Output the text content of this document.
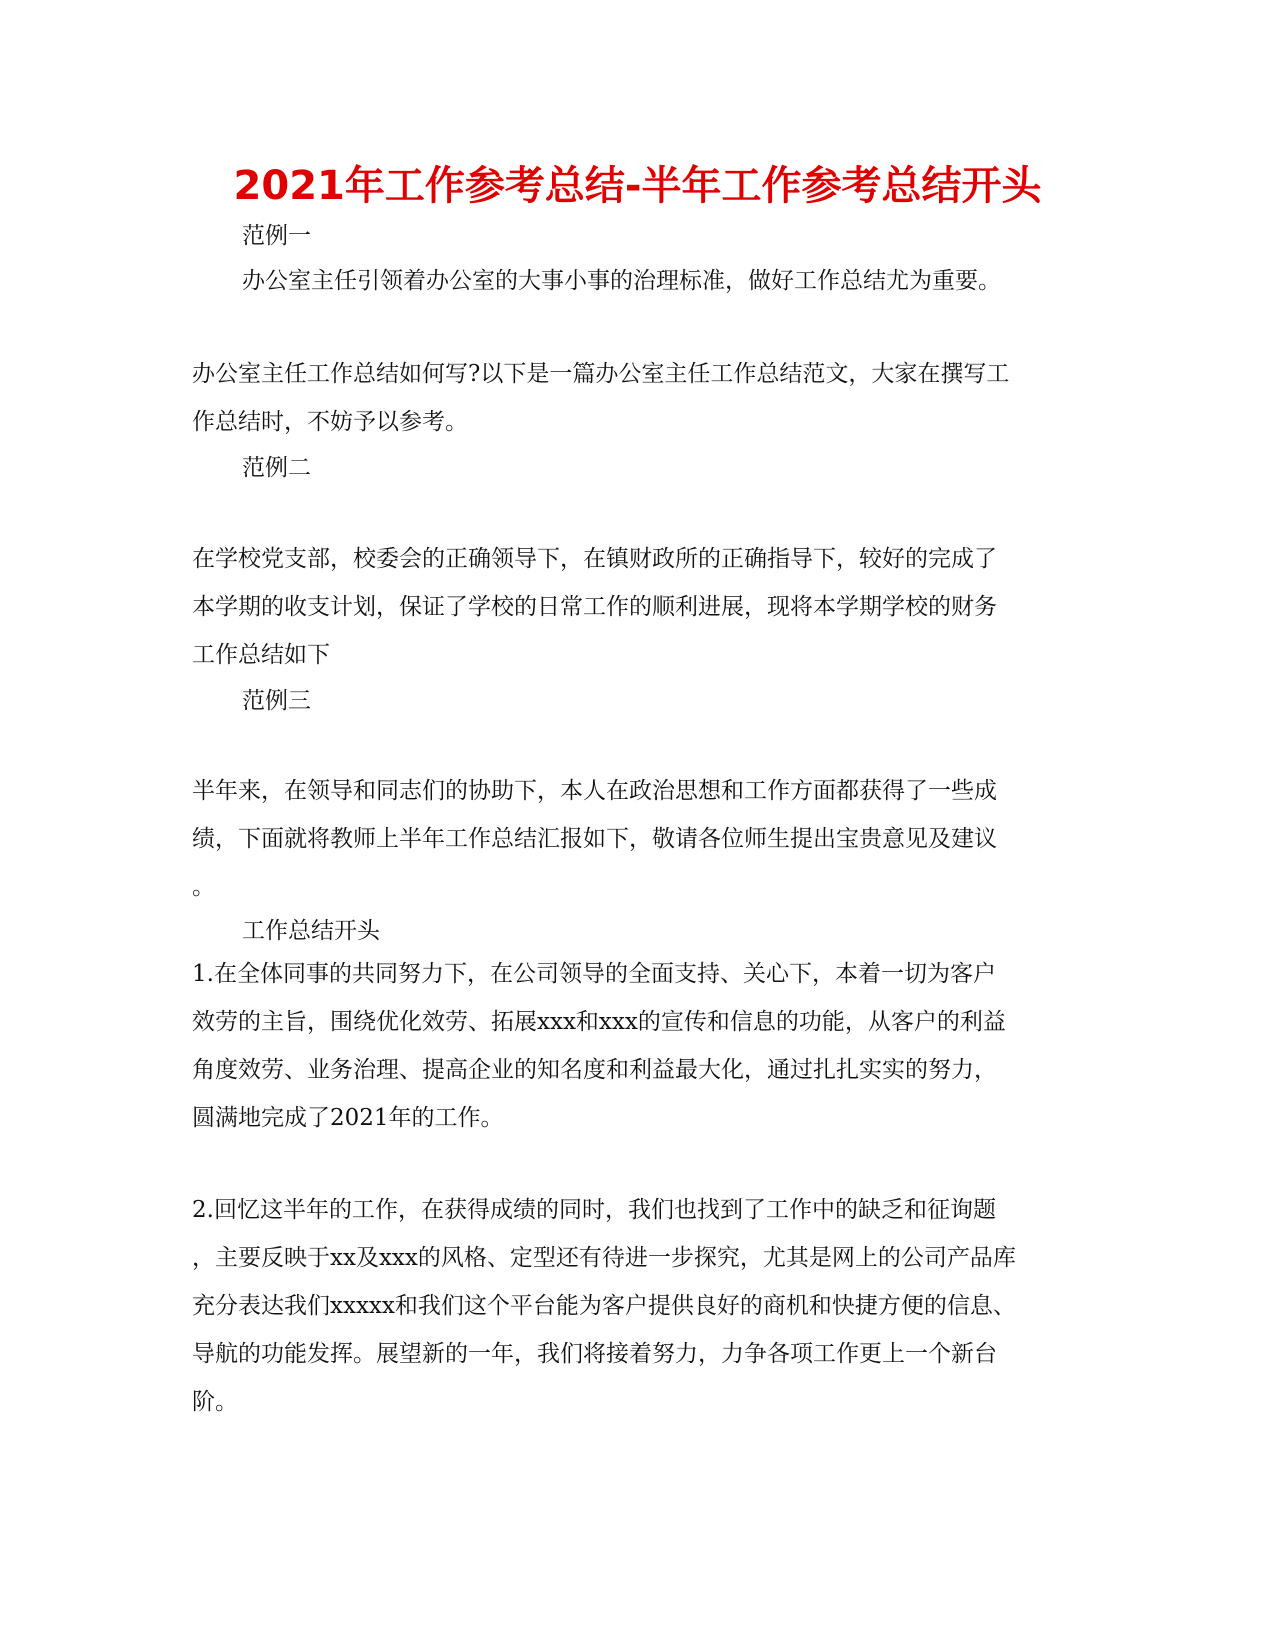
2021年工作参考总结-半年工作参考总结开头
范例一
办公室主任引领着办公室的大事小事的治理标准，做好工作总结尤为重要。
办公室主任工作总结如何写?以下是一篇办公室主任工作总结范文，大家在撰写工
作总结时，不妨予以参考。
范例二
在学校党支部，校委会的正确领导下，在镇财政所的正确指导下，较好的完成了
本学期的收支计划，保证了学校的日常工作的顺利进展，现将本学期学校的财务
工作总结如下
范例三
半年来，在领导和同志们的协助下，本人在政治思想和工作方面都获得了一些成
绩，下面就将教师上半年工作总结汇报如下，敬请各位师生提出宝贵意见及建议
。
工作总结开头
1.在全体同事的共同努力下，在公司领导的全面支持、关心下，本着一切为客户
效劳的主旨，围绕优化效劳、拓展xxx和xxx的宣传和信息的功能，从客户的利益
角度效劳、业务治理、提高企业的知名度和利益最大化，通过扎扎实实的努力，
圆满地完成了2021年的工作。
2.回忆这半年的工作，在获得成绩的同时，我们也找到了工作中的缺乏和征询题
，主要反映于xx及xxx的风格、定型还有待进一步探究，尤其是网上的公司产品库
充分表达我们xxxxx和我们这个平台能为客户提供良好的商机和快捷方便的信息、
导航的功能发挥。展望新的一年，我们将接着努力，力争各项工作更上一个新台
阶。
